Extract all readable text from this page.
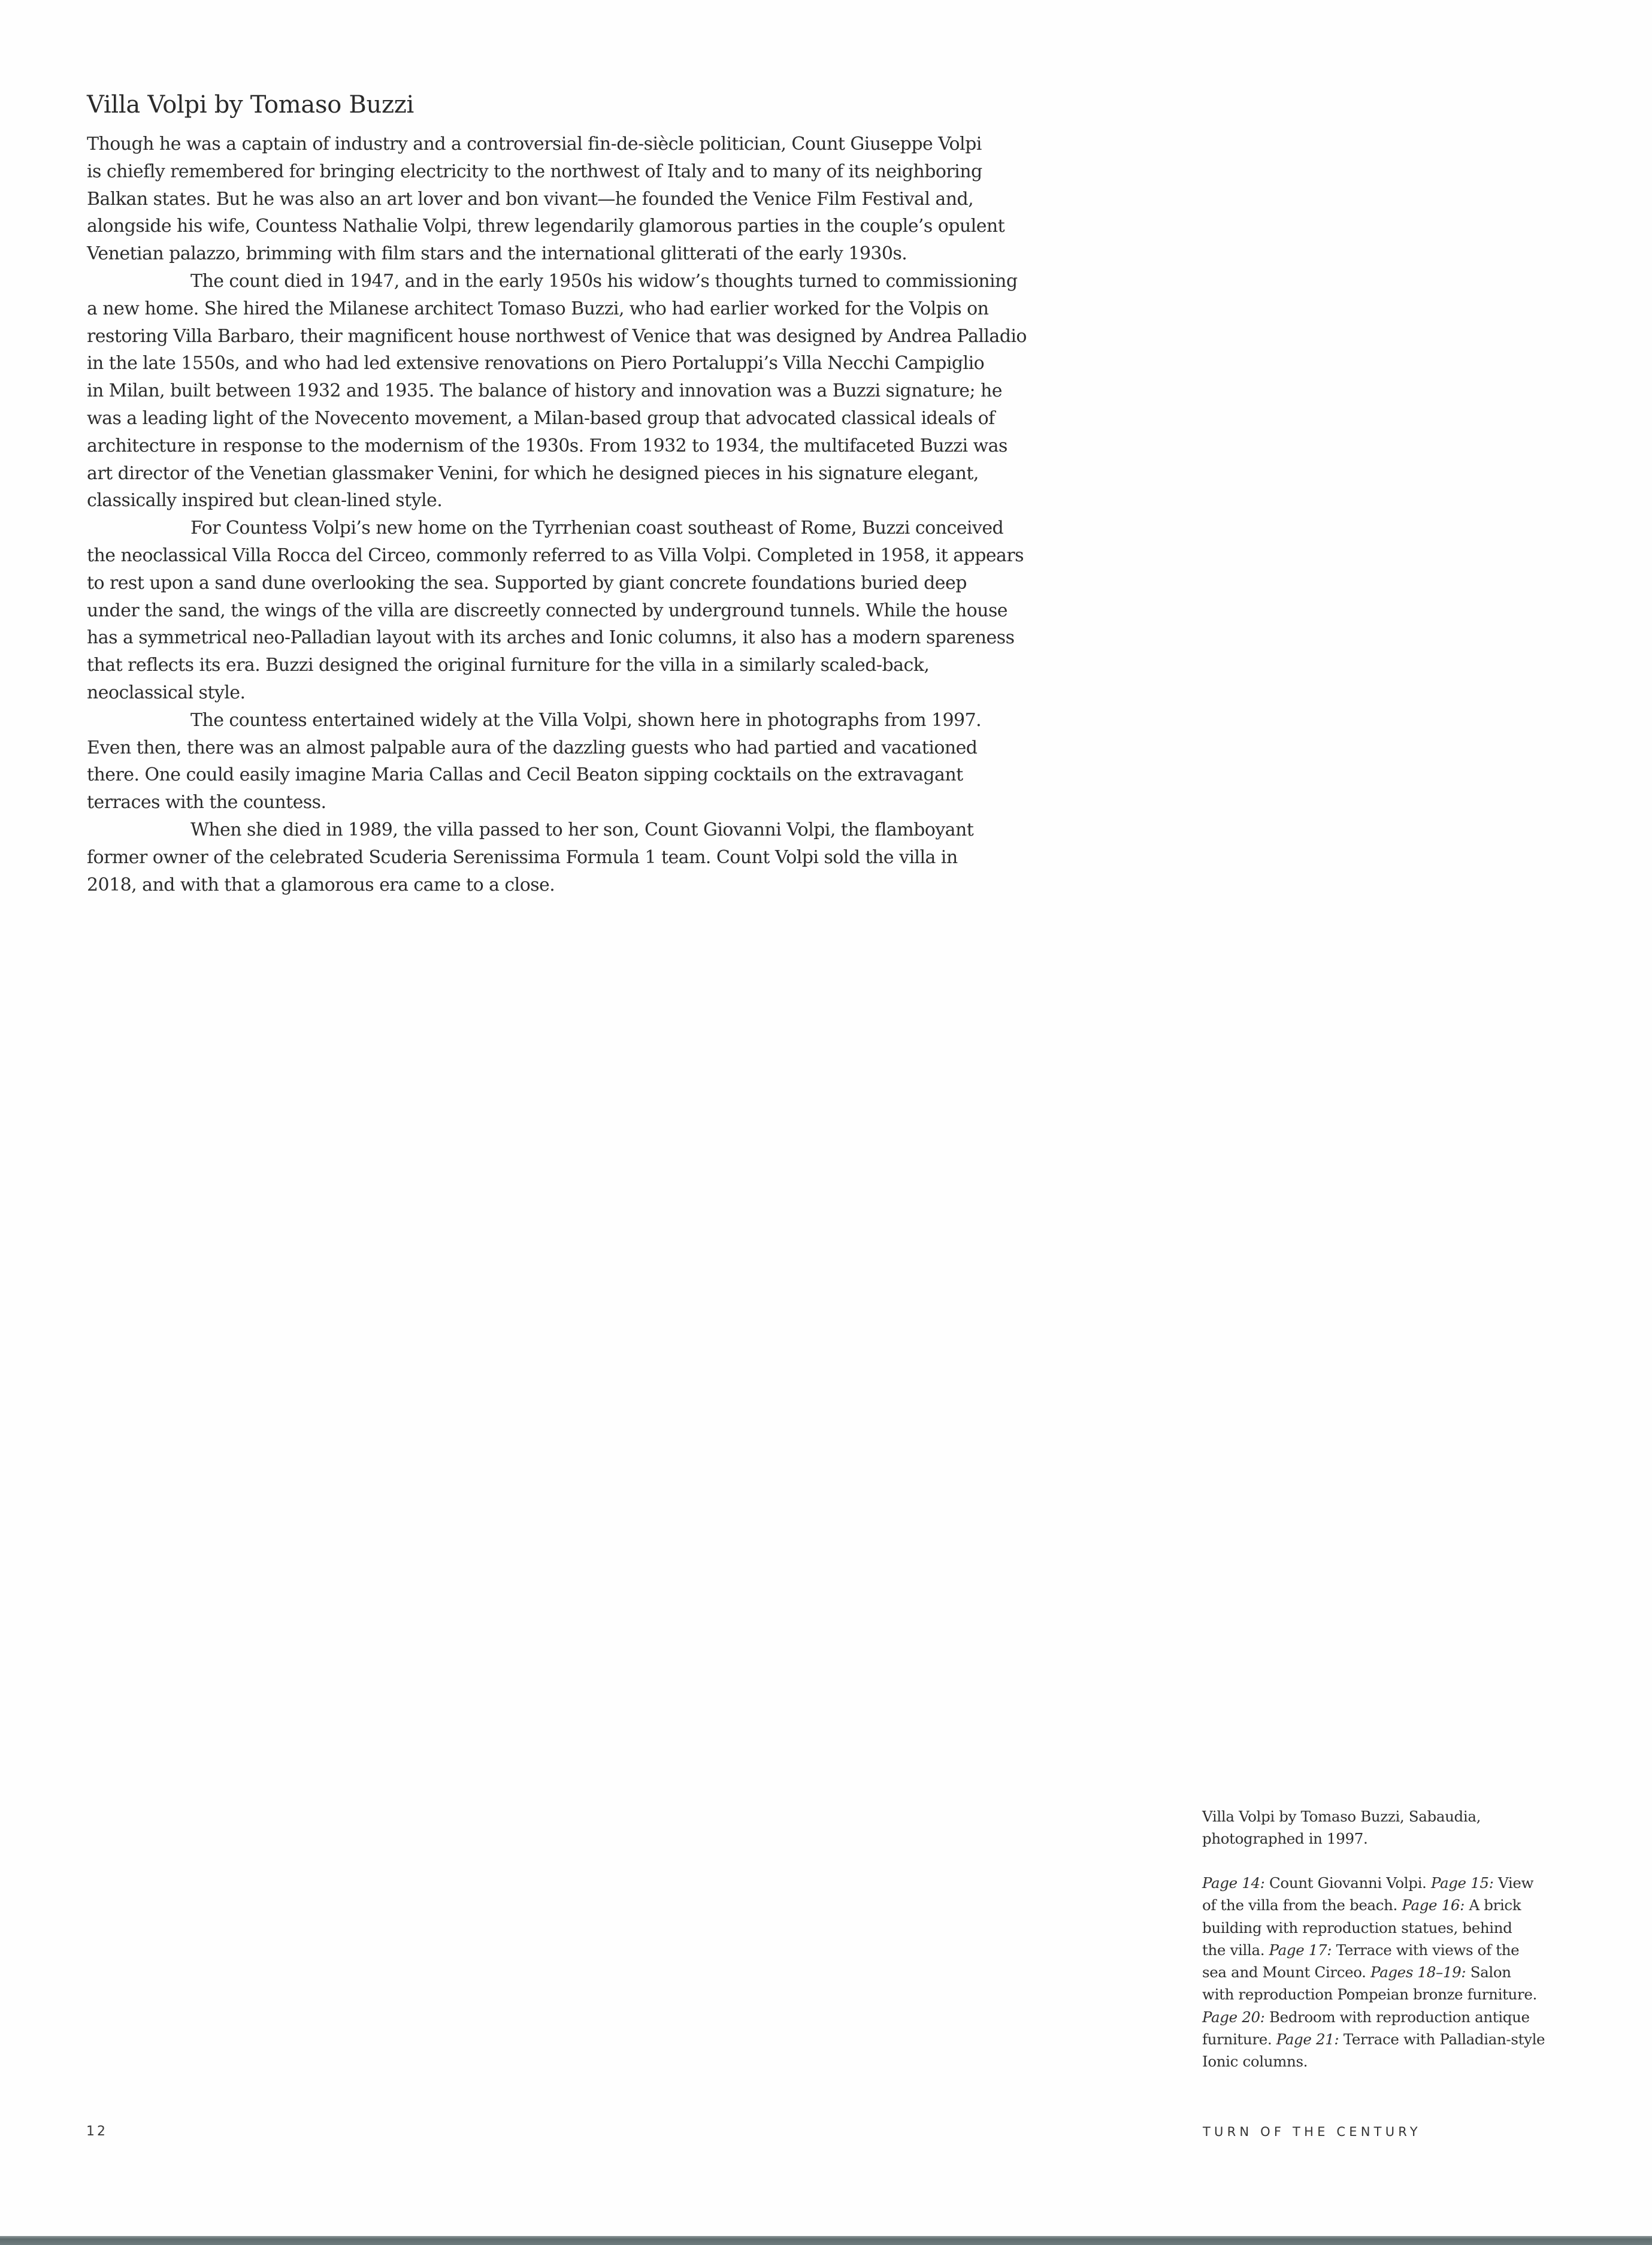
Villa Volpi by Tomaso Buzzi

Though he was a captain of industry and a controversial fin-de-siècle politician, Count Giuseppe Volpi
is chiefly remembered for bringing electricity to the northwest of Italy and to many of its neighboring
Balkan states. But he was also an art lover and bon vivant—he founded the Venice Film Festival and,
alongside his wife, Countess Nathalie Volpi, threw legendarily glamorous parties in the couple’s opulent
Venetian palazzo, brimming with film stars and the international glitterati of the early 1930s.

The count died in 1947, and in the early 1950s his widow’s thoughts turned to commissioning
a new home. She hired the Milanese architect Tomaso Buzzi, who had earlier worked for the Volpis on
restoring Villa Barbaro, their magnificent house northwest of Venice that was designed by Andrea Palladio
in the late 1550s, and who had led extensive renovations on Piero Portaluppi’s Villa Necchi Campiglio
in Milan, built between 1932 and 1935. The balance of history and innovation was a Buzzi signature; he
was a leading light of the Novecento movement, a Milan-based group that advocated classical ideals of
architecture in response to the modernism of the 1930s. From 1932 to 1934, the multifaceted Buzzi was
art director of the Venetian glassmaker Venini, for which he designed pieces in his signature elegant,
classically inspired but clean-lined style.

For Countess Volpi’s new home on the Tyrrhenian coast southeast of Rome, Buzzi conceived
the neoclassical Villa Rocca del Circeo, commonly referred to as Villa Volpi. Completed in 1958, it appears
to rest upon a sand dune overlooking the sea. Supported by giant concrete foundations buried deep
under the sand, the wings of the villa are discreetly connected by underground tunnels. While the house
has a symmetrical neo-Palladian layout with its arches and Ionic columns, it also has a modern spareness
that reflects its era. Buzzi designed the original furniture for the villa in a similarly scaled-back,
neoclassical style.

The countess entertained widely at the Villa Volpi, shown here in photographs from 1997.
Even then, there was an almost palpable aura of the dazzling guests who had partied and vacationed
there. One could easily imagine Maria Callas and Cecil Beaton sipping cocktails on the extravagant
terraces with the countess.

When she died in 1989, the villa passed to her son, Count Giovanni Volpi, the flamboyant
former owner of the celebrated Scuderia Serenissima Formula 1 team. Count Volpi sold the villa in
2018, and with that a glamorous era came to a close.

Villa Volpi by Tomaso Buzzi, Sabaudia,
photographed in 1997.
Page 14: Count Giovanni Volpi. Page 15: View
of the villa from the beach. Page 16: A brick
building with reproduction statues, behind
the villa. Page 17: Terrace with views of the
sea and Mount Circeo. Pages 18–19: Salon
with reproduction Pompeian bronze furniture.
Page 20: Bedroom with reproduction antique
furniture. Page 21: Terrace with Palladian-style
Ionic columns.
12	TURN OF THE CENTURY
